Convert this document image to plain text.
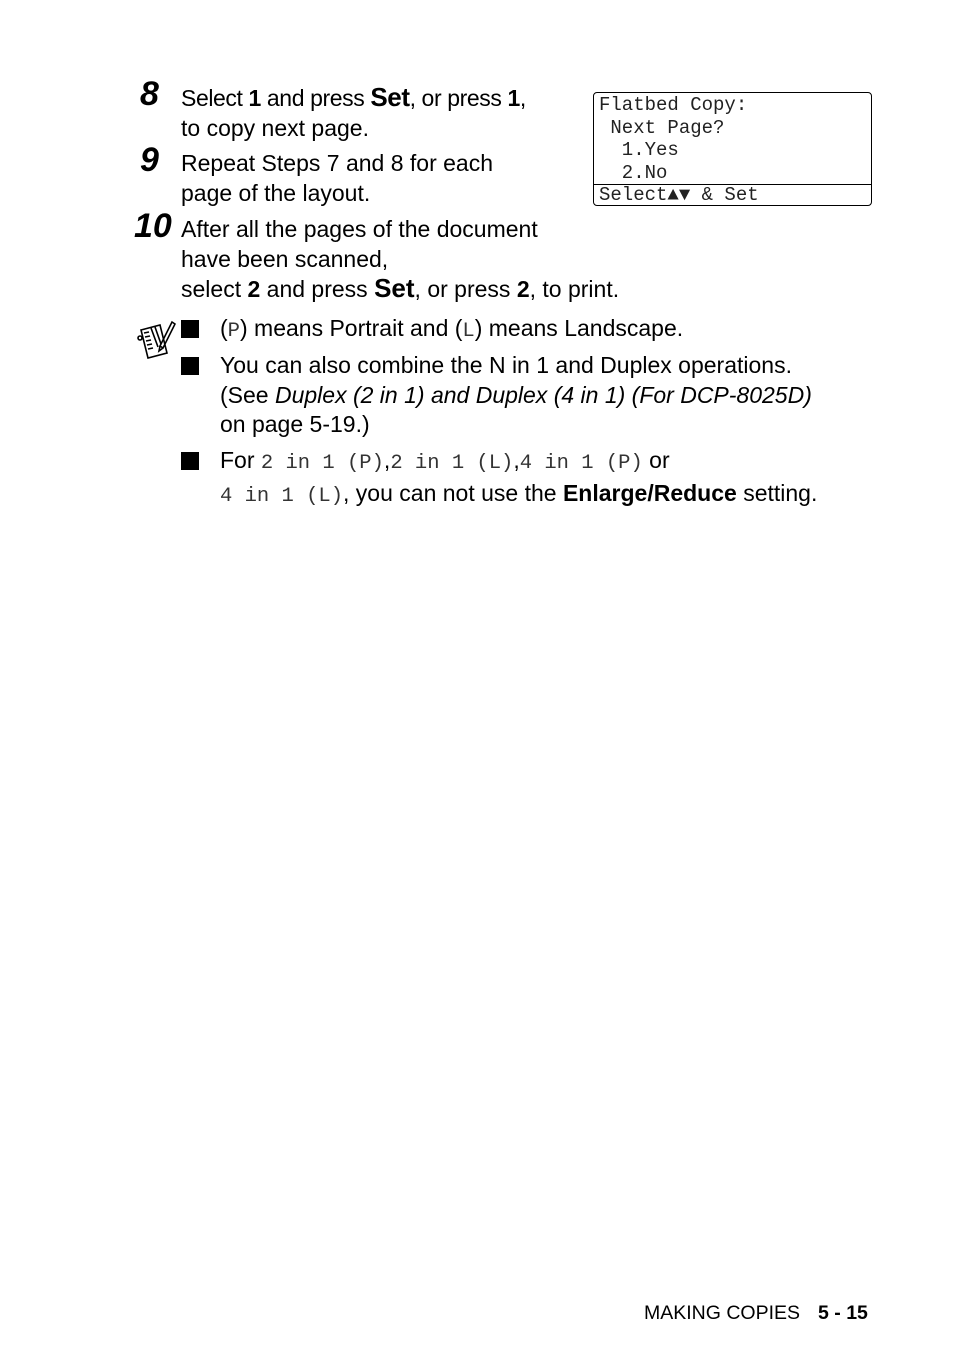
8 Select 1 and press Set, or press 1,
to copy next page.
9 Repeat Steps 7 and 8 for each
page of the layout.
10 After all the pages of the document
have been scanned,
select 2 and press Set, or press 2, to print.
Flatbed Copy:
Next Page?
1.Yes
2.No
Select▲▼ & Set
(P) means Portrait and (L) means Landscape.
You can also combine the N in 1 and Duplex operations.
(See Duplex (2 in 1) and Duplex (4 in 1) (For DCP-8025D)
on page 5-19.)
For 2 in 1 (P),2 in 1 (L),4 in 1 (P) or
4 in 1 (L), you can not use the Enlarge/Reduce setting.
MAKING COPIES 5 - 15
